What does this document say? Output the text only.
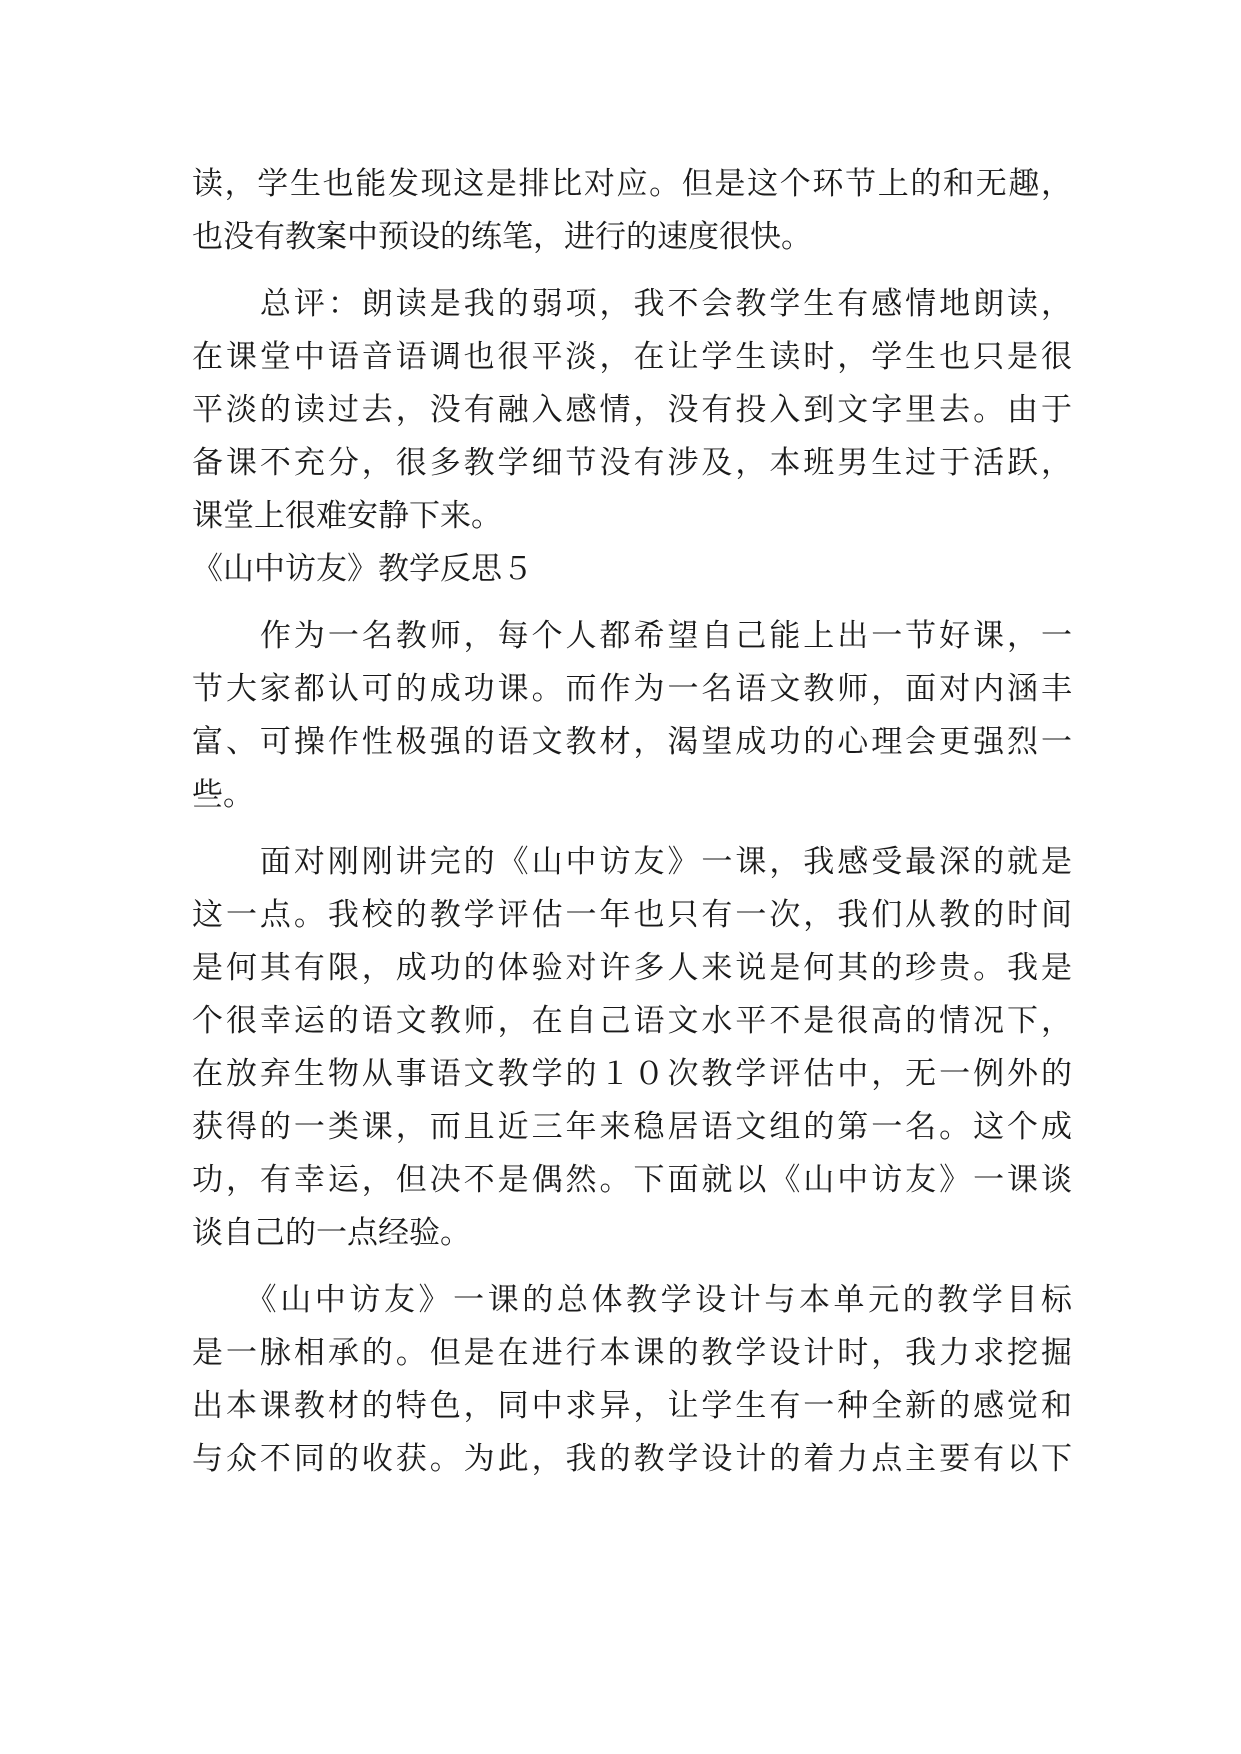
读，学生也能发现这是排比对应。但是这个环节上的和无趣，
也没有教案中预设的练笔，进行的速度很快。
　　总评：朗读是我的弱项，我不会教学生有感情地朗读，
在课堂中语音语调也很平淡，在让学生读时，学生也只是很
平淡的读过去，没有融入感情，没有投入到文字里去。由于
备课不充分，很多教学细节没有涉及，本班男生过于活跃，
课堂上很难安静下来。
《山中访友》教学反思５
　　作为一名教师，每个人都希望自己能上出一节好课，一
节大家都认可的成功课。而作为一名语文教师，面对内涵丰
富、可操作性极强的语文教材，渴望成功的心理会更强烈一
些。
　　面对刚刚讲完的《山中访友》一课，我感受最深的就是
这一点。我校的教学评估一年也只有一次，我们从教的时间
是何其有限，成功的体验对许多人来说是何其的珍贵。我是
个很幸运的语文教师，在自己语文水平不是很高的情况下，
在放弃生物从事语文教学的１０次教学评估中，无一例外的
获得的一类课，而且近三年来稳居语文组的第一名。这个成
功，有幸运，但决不是偶然。下面就以《山中访友》一课谈
谈自己的一点经验。
　　《山中访友》一课的总体教学设计与本单元的教学目标
是一脉相承的。但是在进行本课的教学设计时，我力求挖掘
出本课教材的特色，同中求异，让学生有一种全新的感觉和
与众不同的收获。为此，我的教学设计的着力点主要有以下
